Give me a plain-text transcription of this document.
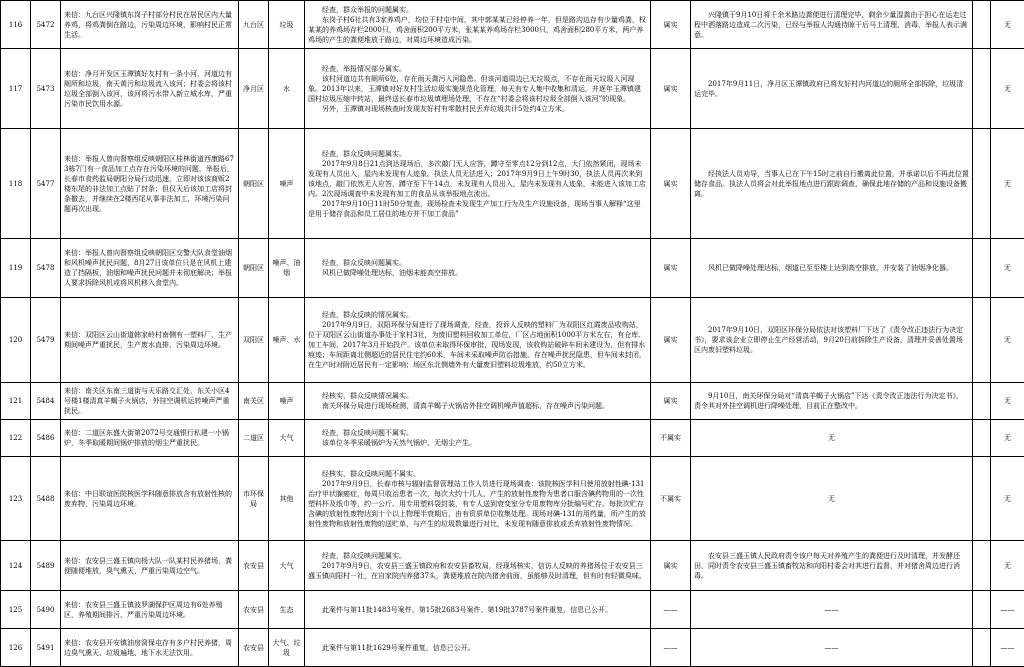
116	5472	来信：九台区兴隆镇东岗子村部分村民在居民区内大量养鸡，将鸡粪倒在路边，污染周边环境，影响村民正常生活。	九台区	垃圾	经查，群众举报的问题属实。
东岗子村6社共有3家养鸡户，均位于村屯中间，其中郭某某已经停养一年，但是路沟边存有少量鸡粪，权某某的养鸡场存栏2000只，鸡舍面积200平方米，张某某养鸡场存栏3000只，鸡舍面积280平方米，两户养鸡场的产生的粪便堆放于路边，对周边环境造成污染。	属实	兴隆镇于9月10日将千余米路边粪便进行清理完毕，剩余少量湿粪由于担心在运走过程中洒落路边造成二次污染，已经与举报人沟通待晾干后马上清理、消毒，举报人表示满意。		无
117	5473	来信：净月开发区玉潭镇好友村有一条小河，河道边有厕所和垃圾，南天黄污和垃圾流入该河；村委会将该村垃圾全部倒入该河，该河将污水带入新立城水库，严重污染市民饮用水源。	净月区	水	经查，举报情况部分属实。
该村河道边共有厕所6处，存在雨天粪污入河隐患。但该河道周边已无垃圾点，不存在雨天垃圾入河现象。2013年以来，玉潭镇对好友村生活垃圾实施规范化管理，每天有专人集中收集和清运，并逐年玉潭镇建国村垃圾压缩中转站，最终送长春市垃圾填埋场处理，不存在“村委会将该村垃圾全部倒入该河”的现象。
另外，玉潭镇对现场核查时发现友好村有零散村民丢弃垃圾共计5处约4立方米。	属实	2017年9月11日，净月区玉潭镇政府已将友好村内河道边的厕所全部拆除，垃圾清运完毕。		无
118	5477	来信：举报人曾向督察组反映朝阳区桂林街道西康路673栋7门有一食品加工点存在污染环境的问题，举报后，长春市食药监局朝阳分局行动迅速，立即对该该商贩2楼东尾的非法加工点贴了封条；但仅天后该加工店将封条撤去，并继续在2楼西尾从事非法加工，环境污染问题再次出现。	朝阳区	噪声	经查，群众反映问题属实。
2017年9月8日21点到达现场后，多次敲门无人应答，蹲守至零点12分到12点，大门依然紧闭，现场未发现有人员出入，屋内未发现有人迹象。执法人员无法进入；2017年9月9日上午9时30，执法人员再次来到该地点，敲门依然无人应答，蹲守至下午14点，未发现有人员出入，屋内未发现有人迹象，未能进入该加工店内。2次现场调查中未发现有加工的食品从该举报地点流出。
2017年9月10日11时50分复查，现场检查未发现生产加工行为及生产设施设备，现场当事人解释“这里是用于储存食品和员工居住的地方并不加工食品”	属实	经执法人员劝导，当事人已在下午15时之前自行搬离此位置，并承诺以后不再此位置储存食品。执法人员将会对此举报地点进行跟踪调查，确保此地存储的产品和设施设备搬离。		无
119	5478	来信：举报人曾向督察组反映朝阳区交警大队食堂油烟和风机噪声扰民问题，8月27日该单位只是在风机上建造了挡隔板，油烟和噪声扰民问题并未彻底解决；举报人要求拆除风机或将风机移入食堂内。	朝阳区	噪声、油烟	经查，群众反映问题属实。
风机已做降噪处理达标，油烟未能高空排放。	属实	风机已做降噪处理达标，烟道已至至楼上达到高空排放，并安装了油烟净化器。		无
120	5479	来信：双阳区云山街道韩家岭村南侧有一塑料厂，生产期间噪声严重扰民，生产废水直排，污染周边环境。	双阳区	噪声、水	经查，群众反映的情况属实。
2017年9月9日，双阳环保分局进行了现场调查，经查，投诉人反映的塑料厂为双阳区红霞废品收购站，位于双阳区云山街道办事处于家村3社，为废旧塑料回收加工单位，厂区占地面积1000平方米左右，有仓库、加工车间，2017年3月开始投产。该单位未取得环保审批，现场发现，该收购站破碎车间未建设为，但有排水痕迹；车间距离北侧超近的居民住宅约60米，车间未采取噪声防治措施，存在噪声扰民隐患，但车间未封闭，在生产时对附近居民有一定影响；场区东北侧墙外有大量废旧塑料垃圾堆放，约50立方米。	属实	2017年9月10日，双阳区环保分局依法对该塑料厂下达了《责令改正违法行为决定书》，要求该企业立即停止生产经营活动，9月20日前拆除生产设备，清理并妥善处置场区内废旧塑料垃圾。		无
121	5484	来信：南关区东南三道街与天乐路交汇处，东关小区4号楼1楼清真羊蝎子火锅店，外挂空调机运转噪声严重扰民。	南关区	噪声	经核实，群众反映情况属实。
南关环保分局进行现场检测，清真羊蝎子火锅店外挂空调机噪声值超标，存在噪声污染问题。	属实	9月10日，南关环保分局对“清真羊蝎子火锅店”下达《责令改正违法行为决定书》，责令其对外挂空调机进行降噪处理，目前正在整改中。		无
122	5486	来信：二道区东盛大街第2072号交通银行私建一小锅炉，冬季取暖期间锅炉排放的烟尘严重扰民。	二道区	大气	经查，群众反映问题不属实。
该单位冬季采暖锅炉为天然气锅炉，无烟尘产生。	不属实	无		无
123	5488	来信：中日联谊医院核医学科随意排放含有放射性核的废弃物，污染周边环境。	市环保局	其他	经核实，群众反映问题不属实。
2017年9月9日，长春市核与辐射监督管理站工作人员进行现场调查：该院核医学科只使用放射性碘-131治疗甲状腺癌症，每周只收治患者一次，每次大约十几人，产生的放射性废物为患者口服含碘药物用的一次性塑料杯及纸巾等，约一公斤。用专用塑料袋封装，有专人送到衰变室分专用废物库分批编号贮存。每批次贮存含碘的放射性废物达到十个以上物理半衰期后，由有资质单位收集处理。现场对碘-131的用药量，所产生的放射性废物和放射性废物的送贮单，与产生的垃圾数量进行对比，未发现有随意排放或丢弃放射性废物情况。	不属实	无		无
124	5489	来信：农安县三盛玉镇向杨大队一队某村民养猪场，粪便随便堆放，臭气熏天，严重污染周边空气。	农安县	大气	经查，群众反映问题属实。
2017年9月9日，农安县三盛玉镇政府和农安县畜牧局，经现场核实，信访人反映的养猪场位于农安县三盛玉镇向阳村一社，在自家院内养猪37头，粪便堆放在院内猪舍前面，虽能够及时清理，但有时有轻微臭味。	属实	农安县三盛玉镇人民政府责令该户每天对养殖产生的粪便进行及时清理，并发酵还田，同时责令农安县三盛玉镇畜牧站和向阳村委会对其进行监督，并对猪舍周边进行消毒。		无
125	5490	来信：农安县三盛玉镇波罗湖保护区周边有6处养殖区，养殖期间排污，严重污染周边环境。	农安县	生态	此案件与第11批1483号案件、第15批2683号案件、第19批3787号案件重复，信息已公开。	——	——		——
126	5491	来信：农安县开安镇油房窝保屯存有多户村民养猪，周边臭气熏天、垃圾遍地、地下水无法饮用。	农安县	大气、垃圾	此案件与第11批1629号案件重复，信息已公开。	——	——		——
